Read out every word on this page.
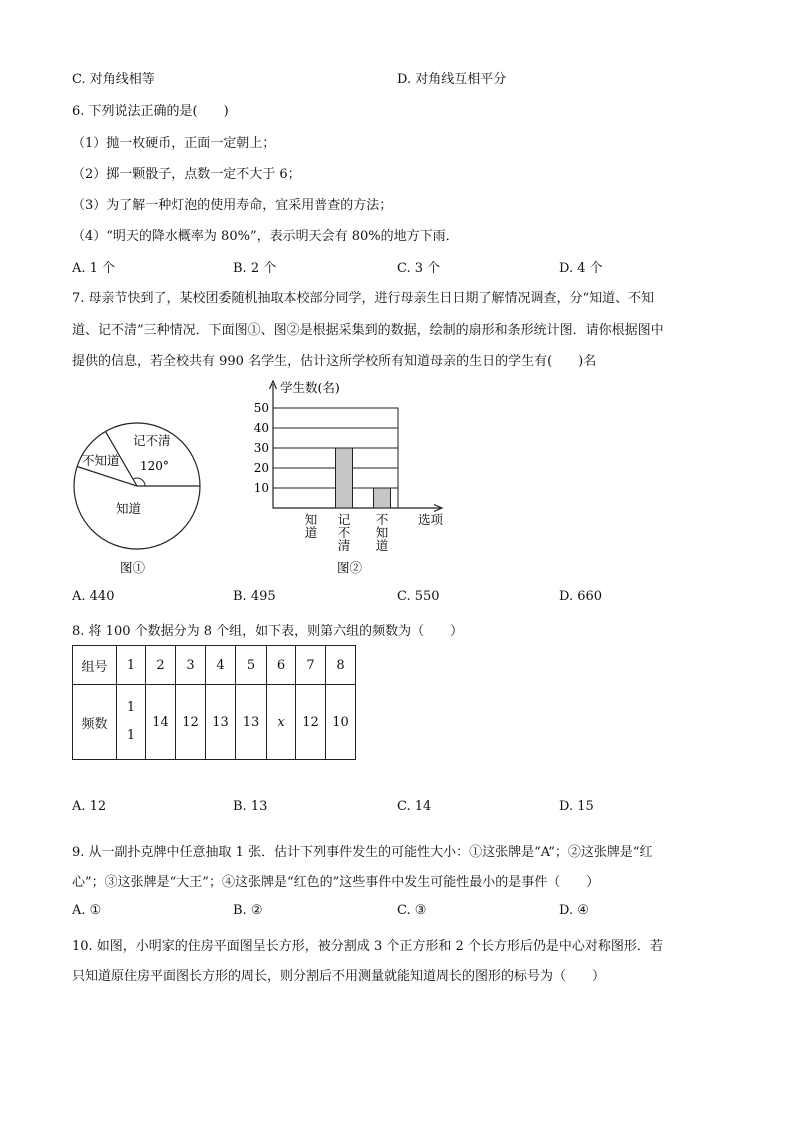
C. 对角线相等	D. 对角线互相平分
6. 下列说法正确的是(　　)
（1）抛一枚硬币，正面一定朝上；
（2）掷一颗骰子，点数一定不大于 6；
（3）为了解一种灯泡的使用寿命，宜采用普查的方法；
（4）“明天的降水概率为 80%”，表示明天会有 80%的地方下雨．
A. 1 个	B. 2 个	C. 3 个	D. 4 个
7. 母亲节快到了，某校团委随机抽取本校部分同学，进行母亲生日日期了解情况调查，分“知道、不知
道、记不清”三种情况．下面图①、图②是根据采集到的数据，绘制的扇形和条形统计图．请你根据图中
提供的信息，若全校共有 990 名学生，估计这所学校所有知道母亲的生日的学生有(　　)名
120°
记不清
不知道
知道
图①
10
20
30
40
50
学生数(名)
知
道
记
不
清
不
知
道
选项
图②
A. 440	B. 495	C. 550	D. 660
8. 将 100 个数据分为 8 个组，如下表，则第六组的频数为（　　）
组号	1	2	3	4	5	6	7	8
频数	1
1	14	12	13	13	x	12	10
A. 12	B. 13	C. 14	D. 15
9. 从一副扑克牌中任意抽取 1 张．估计下列事件发生的可能性大小：①这张牌是“A”；②这张牌是“红
心”；③这张牌是“大王”；④这张牌是“红色的”这些事件中发生可能性最小的是事件（　　）
A. ①	B. ②	C. ③	D. ④
10. 如图，小明家的住房平面图呈长方形，被分割成 3 个正方形和 2 个长方形后仍是中心对称图形．若
只知道原住房平面图长方形的周长，则分割后不用测量就能知道周长的图形的标号为（　　）
